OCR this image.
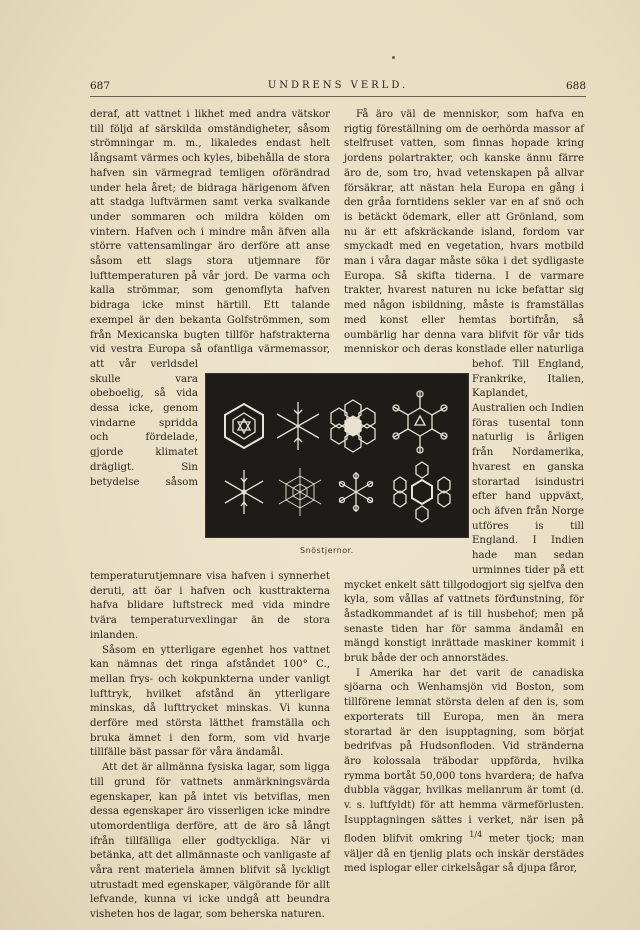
687	UNDRENS VERLD.	688

deraf, att vattnet i likhet med andra vätskor till följd af särskilda omständigheter, såsom strömningar m. m., likaledes endast helt långsamt värmes och kyles, bibehålla de stora hafven sin värmegrad temligen oförändrad under hela året; de bidraga härigenom äfven att stadga luftvärmen samt verka svalkande under sommaren och mildra kölden om vintern. Hafven och i mindre mån äfven alla större vattensamlingar äro derföre att anse såsom ett slags stora utjemnare för lufttemperaturen på vår jord. De varma och kalla strömmar, som genomflyta hafven bidraga icke minst härtill. Ett talande exempel är den bekanta Golfströmmen, som från Mexicanska bugten tillför hafstrakterna vid vestra Europa så ofantliga värmemassor, att vår verldsdel skulle vara obeboelig, så vida dessa icke, genom vindarne spridda och fördelade, gjorde klimatet drägligt. Sin betydelse såsom temperaturutjemnare visa hafven i synnerhet deruti, att öar i hafven och kusttrakterna hafva blidare luftstreck med vida mindre tvära temperaturvexlingar än de stora inlanden.

Såsom en ytterligare egenhet hos vattnet kan nämnas det ringa afståndet 100° C., mellan frys- och kokpunkterna under vanligt lufttryk, hvilket afstånd än ytterligare minskas, då lufttrycket minskas. Vi kunna derföre med största lätthet framställa och bruka ämnet i den form, som vid hvarje tillfälle bäst passar för våra ändamål.

Att det är allmänna fysiska lagar, som ligga till grund för vattnets anmärkningsvärda egenskaper, kan på intet vis betviflas, men dessa egenskaper äro visserligen icke mindre utomordentliga derföre, att de äro så långt ifrån tillfälliga eller godtyckliga. När vi betänka, att det allmännaste och vanligaste af våra rent materiela ämnen blifvit så lyckligt utrustadt med egenskaper, välgörande för allt lefvande, kunna vi icke undgå att beundra visheten hos de lagar, som beherska naturen.

Få äro väl de menniskor, som hafva en rigtig föreställning om de oerhörda massor af stelfruset vatten, som finnas hopade kring jordens polartrakter, och kanske ännu färre äro de, som tro, hvad vetenskapen på allvar försäkrar, att nästan hela Europa en gång i den gråa forntidens sekler var en af snö och is betäckt ödemark, eller att Grönland, som nu är ett afskräckande island, fordom var smyckadt med en vegetation, hvars motbild man i våra dagar måste söka i det sydligaste Europa. Så skifta tiderna. I de varmare trakter, hvarest naturen nu icke befattar sig med någon isbildning, måste is framställas med konst eller hemtas bortifrån, så oumbärlig har denna vara blifvit för vår tids menniskor och deras konstlade eller naturliga behof. Till England, Frankrike, Italien, Kaplandet, Australien och Indien föras tusental tonn naturlig is årligen från Nordamerika, hvarest en ganska storartad isindustri efter hand uppväxt, och äfven från Norge utföres is till England. I Indien hade man sedan urminnes tider på ett mycket enkelt sätt tillgodogjort sig sjelfva den kyla, som vållas af vattnets förđunstning, för åstadkommandet af is till husbehof; men på senaste tiden har för samma ändamål en mängd konstigt inrättade maskiner kommit i bruk både der och annorstädes.

I Amerika har det varit de canadiska sjöarna och Wenhamsjön vid Boston, som tillförene lemnat största delen af den is, som exporterats till Europa, men än mera storartad är den isupptagning, som börjat bedrifvas på Hudsonfloden. Vid stränderna äro kolossala träbodar uppförda, hvilka rymma bortåt 50,000 tons hvardera; de hafva dubbla väggar, hvilkas mellanrum är tomt (d. v. s. luftfyldt) för att hemma värmeförlusten. Isupptagningen sättes i verket, när isen på floden blifvit omkring $^{1/4}$ meter tjock; man väljer då en tjenlig plats och inskär derstädes med isplogar eller cirkelsågar så djupa fåror,

Snöstjernor.
